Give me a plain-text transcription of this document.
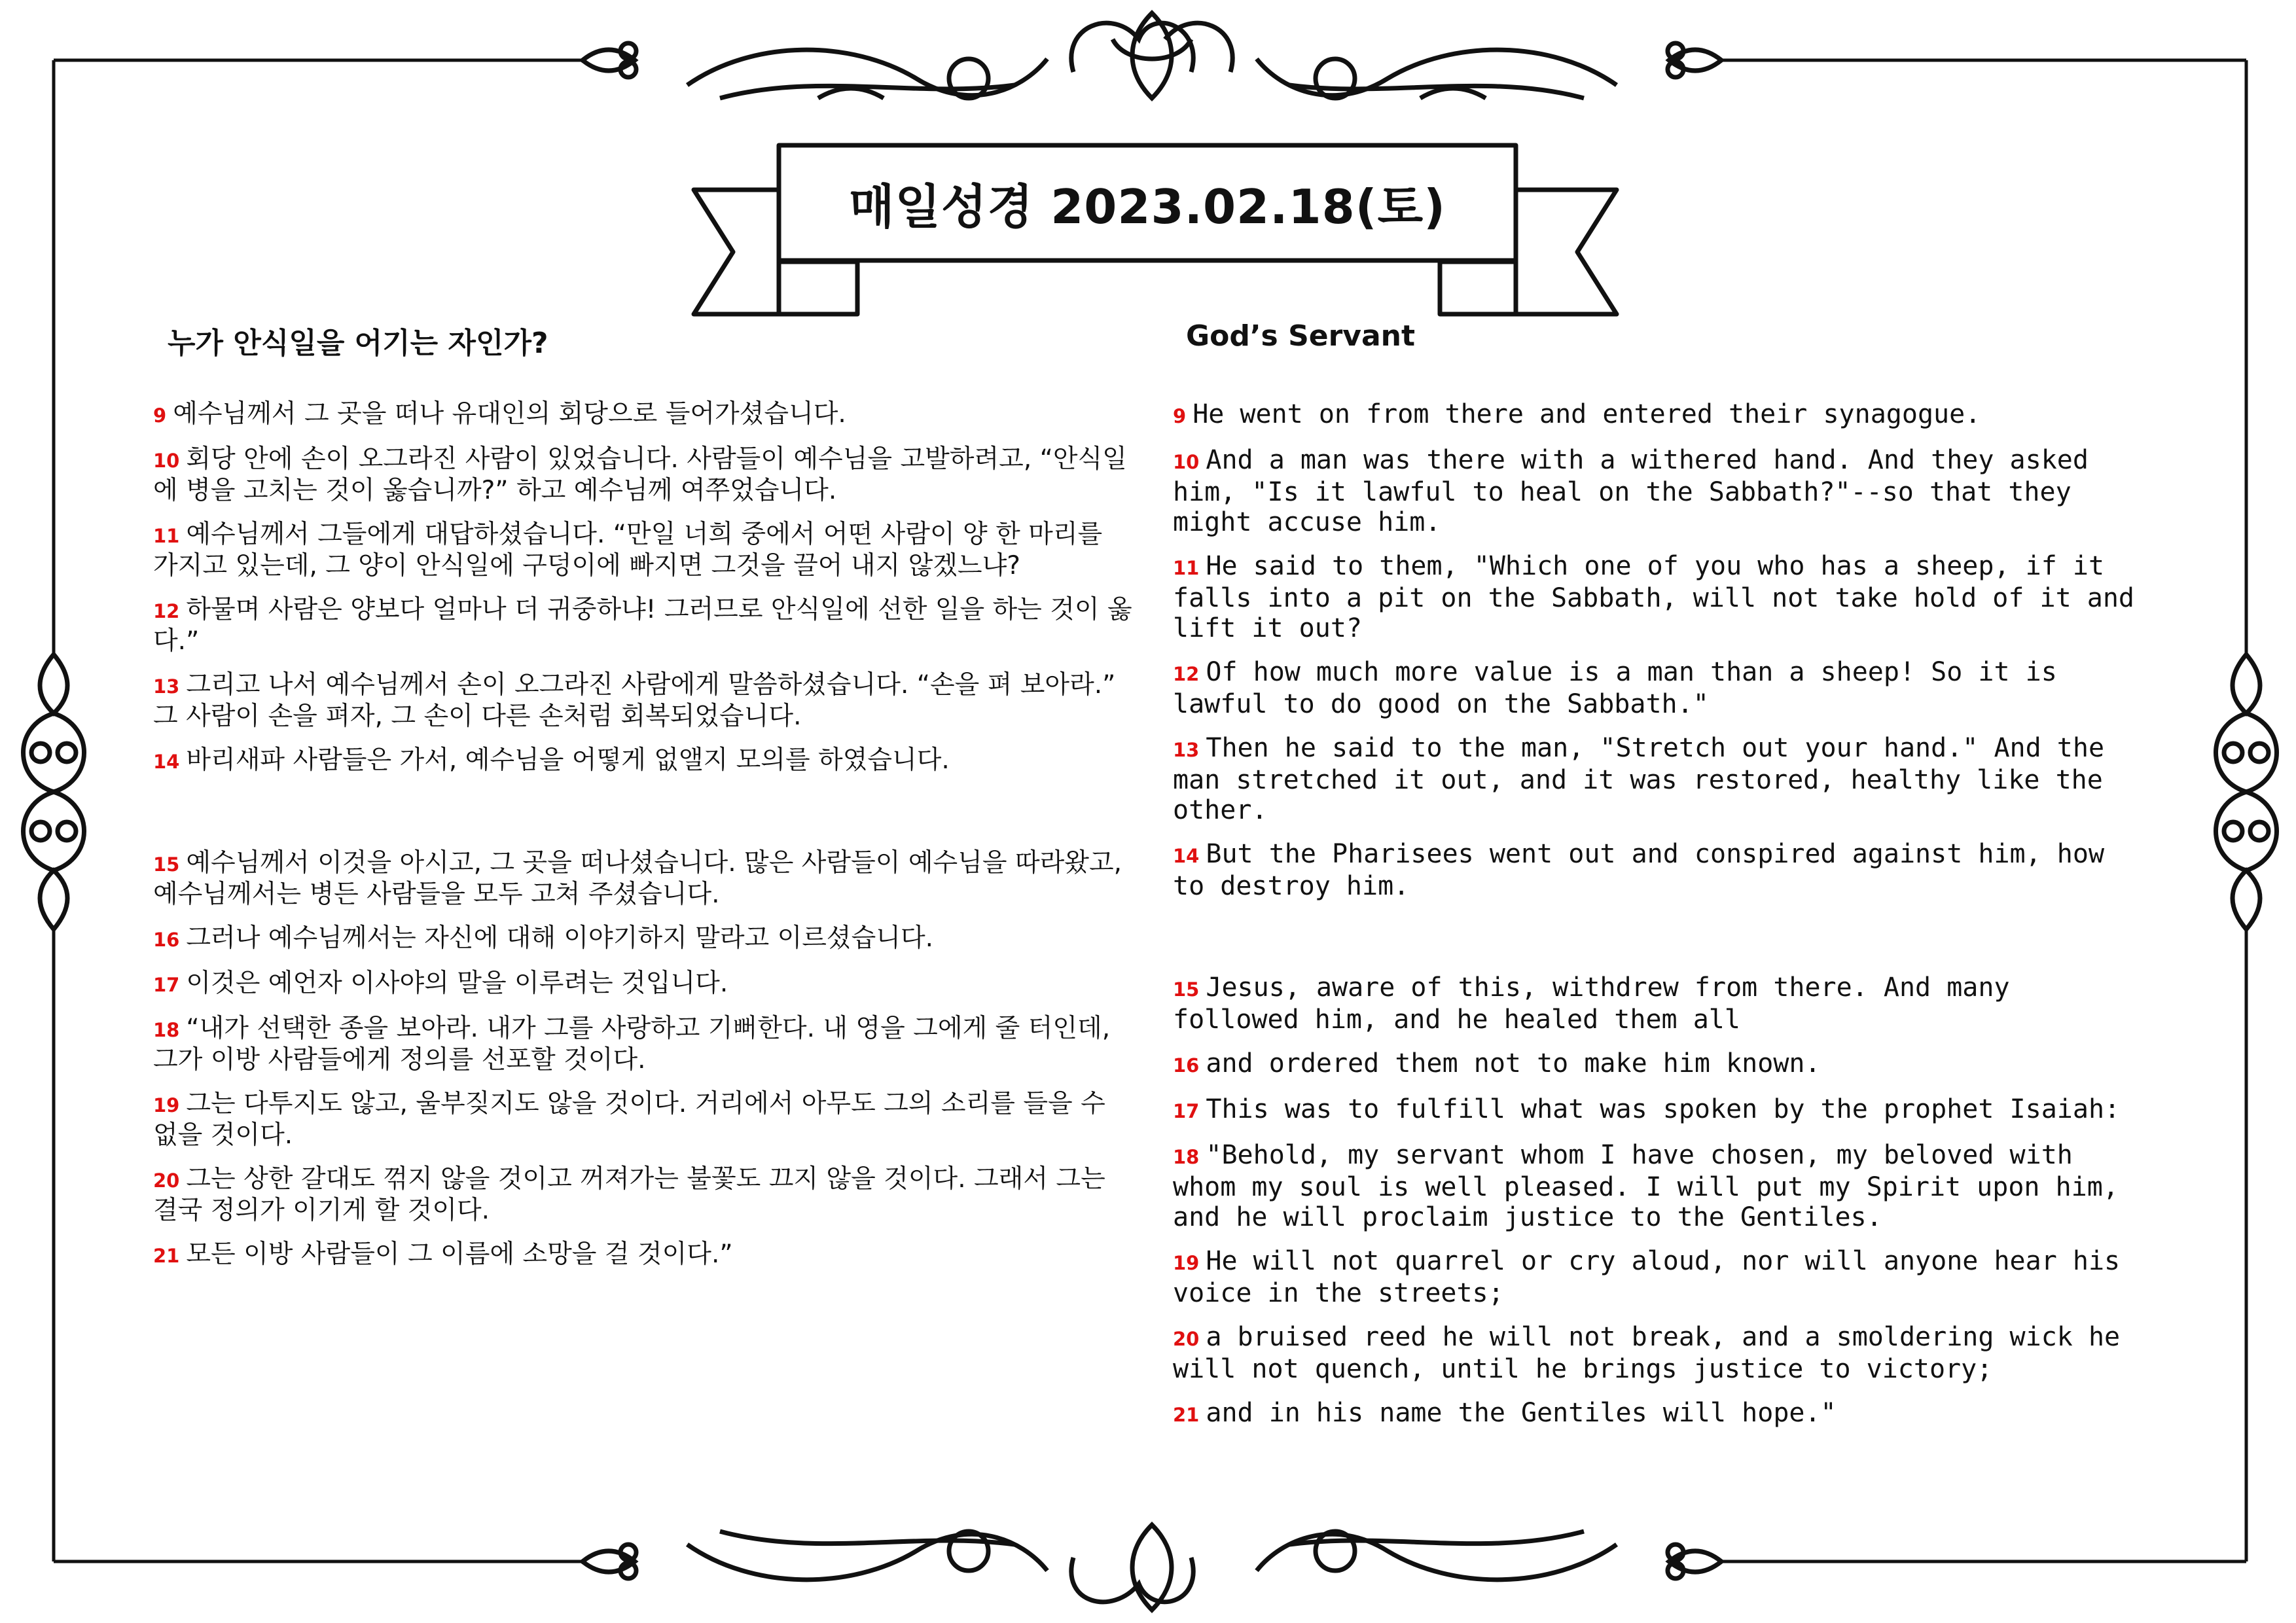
매일성경 2023.02.18(토)
누가 안식일을 어기는 자인가?	God’s Servant

9 예수님께서 그 곳을 떠나 유대인의 회당으로 들어가셨습니다.

10 회당 안에 손이 오그라진 사람이 있었습니다. 사람들이 예수님을 고발하려고, “안식일에 병을 고치는 것이 옳습니까?” 하고 예수님께 여쭈었습니다.

11 예수님께서 그들에게 대답하셨습니다. “만일 너희 중에서 어떤 사람이 양 한 마리를 가지고 있는데, 그 양이 안식일에 구덩이에 빠지면 그것을 끌어 내지 않겠느냐?

12 하물며 사람은 양보다 얼마나 더 귀중하냐! 그러므로 안식일에 선한 일을 하는 것이 옳다.”

13 그리고 나서 예수님께서 손이 오그라진 사람에게 말씀하셨습니다. “손을 펴 보아라.” 그 사람이 손을 펴자, 그 손이 다른 손처럼 회복되었습니다.

14 바리새파 사람들은 가서, 예수님을 어떻게 없앨지 모의를 하였습니다.

15 예수님께서 이것을 아시고, 그 곳을 떠나셨습니다. 많은 사람들이 예수님을 따라왔고, 예수님께서는 병든 사람들을 모두 고쳐 주셨습니다.

16 그러나 예수님께서는 자신에 대해 이야기하지 말라고 이르셨습니다.

17 이것은 예언자 이사야의 말을 이루려는 것입니다.

18 “내가 선택한 종을 보아라. 내가 그를 사랑하고 기뻐한다. 내 영을 그에게 줄 터인데, 그가 이방 사람들에게 정의를 선포할 것이다.

19 그는 다투지도 않고, 울부짖지도 않을 것이다. 거리에서 아무도 그의 소리를 들을 수 없을 것이다.

20 그는 상한 갈대도 꺾지 않을 것이고 꺼져가는 불꽃도 끄지 않을 것이다. 그래서 그는 결국 정의가 이기게 할 것이다.

21 모든 이방 사람들이 그 이름에 소망을 걸 것이다.”

9 He went on from there and entered their synagogue.

10 And a man was there with a withered hand. And they asked him, "Is it lawful to heal on the Sabbath?"--so that they might accuse him.

11 He said to them, "Which one of you who has a sheep, if it falls into a pit on the Sabbath, will not take hold of it and lift it out?

12 Of how much more value is a man than a sheep! So it is lawful to do good on the Sabbath."

13 Then he said to the man, "Stretch out your hand." And the man stretched it out, and it was restored, healthy like the other.

14 But the Pharisees went out and conspired against him, how to destroy him.

15 Jesus, aware of this, withdrew from there. And many followed him, and he healed them all

16 and ordered them not to make him known.

17 This was to fulfill what was spoken by the prophet Isaiah:

18 "Behold, my servant whom I have chosen, my beloved with whom my soul is well pleased. I will put my Spirit upon him, and he will proclaim justice to the Gentiles.

19 He will not quarrel or cry aloud, nor will anyone hear his voice in the streets;

20 a bruised reed he will not break, and a smoldering wick he will not quench, until he brings justice to victory;

21 and in his name the Gentiles will hope."
